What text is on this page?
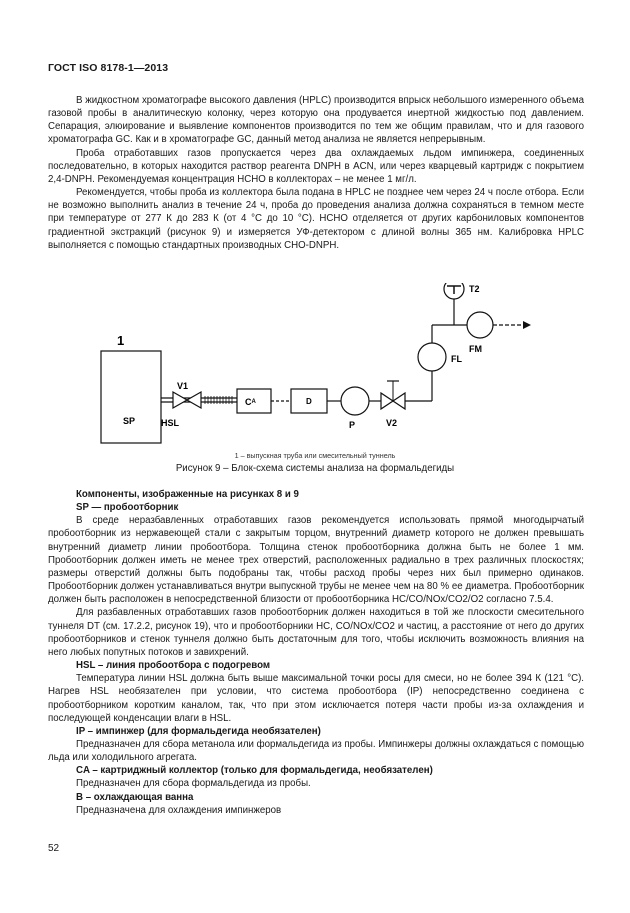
ГОСТ ISO 8178-1—2013

В жидкостном хроматографе высокого давления (HPLC) производится впрыск небольшого измеренного объема газовой пробы в аналитическую колонку, через которую она продувается инертной жидкостью под давлением. Сепарация, элюирование и выявление компонентов производится по тем же общим правилам, что и для газового хроматографа GC. Как и в хроматографе GC, данный метод анализа не является непрерывным.

Проба отработавших газов пропускается через два охлаждаемых льдом импинжера, соединенных последовательно, в которых находится раствор реагента DNPH в ACN, или через кварцевый картридж с покрытием 2,4-DNPH. Рекомендуемая концентрация HCHO в коллекторах – не менее 1 мг/л.

Рекомендуется, чтобы проба из коллектора была подана в HPLC не позднее чем через 24 ч после отбора. Если не возможно выполнить анализ в течение 24 ч, проба до проведения анализа должна сохраняться в темном месте при температуре от 277 К до 283 К (от 4 °С до 10 °С). HCHO отделяется от других карбониловых компонентов градиентной экстракций (рисунок 9) и измеряется УФ-детектором с длиной волны 365 нм. Калибровка HPLC выполняется с помощью стандартных производных CHO-DNPH.

1
SP
V1
HSL
$C^A$	D
P	V2
FL
FM
T2
1 – выпускная труба или смесительный туннель
Рисунок 9 – Блок-схема системы анализа на формальдегиды

Компоненты, изображенные на рисунках 8 и 9

SP — пробоотборник

В среде неразбавленных отработавших газов рекомендуется использовать прямой многодырчатый пробоотборник из нержавеющей стали с закрытым торцом, внутренний диаметр которого не должен превышать внутренний диаметр линии пробоотбора. Толщина стенок пробоотборника должна быть не более 1 мм. Пробоотборник должен иметь не менее трех отверстий, расположенных радиально в трех различных плоскостях; размеры отверстий должны быть подобраны так, чтобы расход пробы через них был примерно одинаков. Пробоотборник должен устанавливаться внутри выпускной трубы не менее чем на 80 % ее диаметра. Пробоотборник должен быть расположен в непосредственной близости от пробоотборника HC/CO/NOx/CO2/O2 согласно 7.5.4.

Для разбавленных отработавших газов пробоотборник должен находиться в той же плоскости смесительного туннеля DT (см. 17.2.2, рисунок 19), что и пробоотборники HC, CO/NOx/CO2 и частиц, а расстояние от него до других пробоотборников и стенок туннеля должно быть достаточным для того, чтобы исключить возможность влияния на него любых попутных потоков и завихрений.

HSL – линия пробоотбора с подогревом

Температура линии HSL должна быть выше максимальной точки росы для смеси, но не более 394 К (121 °С). Нагрев HSL необязателен при условии, что система пробоотбора (IP) непосредственно соединена с пробоотборником коротким каналом, так, что при этом исключается потеря части пробы из-за охлаждения и последующей конденсации влаги в HSL.

IP – импинжер (для формальдегида необязателен)

Предназначен для сбора метанола или формальдегида из пробы. Импинжеры должны охлаждаться с помощью льда или холодильного агрегата.

CA – картриджный коллектор (только для формальдегида, необязателен)

Предназначен для сбора формальдегида из пробы.

B – охлаждающая ванна

Предназначена для охлаждения импинжеров

52
